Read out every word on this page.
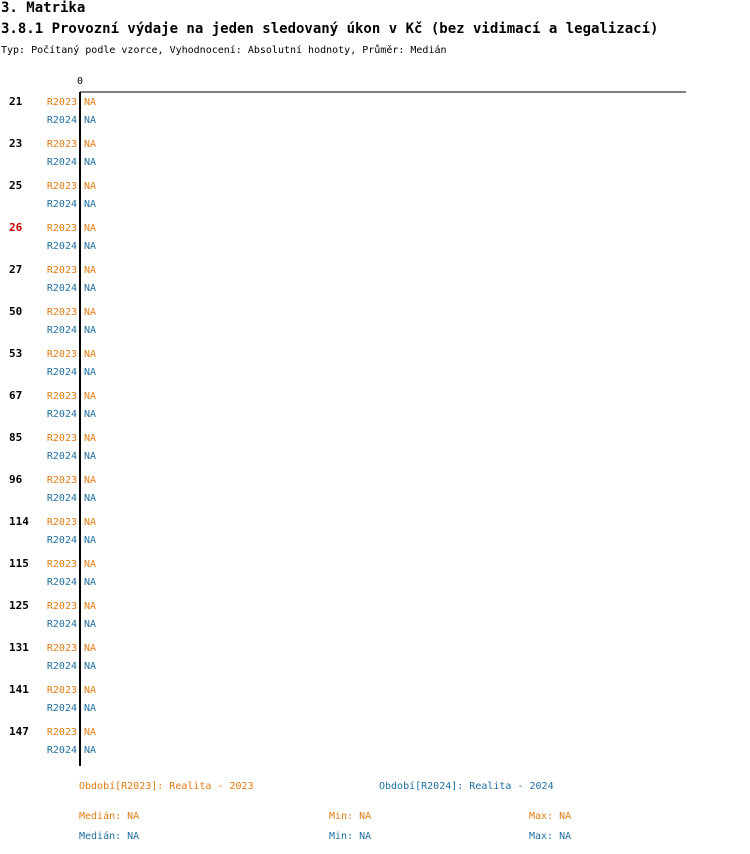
3. Matrika
3.8.1 Provozní výdaje na jeden sledovaný úkon v Kč (bez vidimací a legalizací)
Typ: Počítaný podle vzorce, Vyhodnocení: Absolutní hodnoty, Průměr: Medián
0
21 R2023 NA
R2024 NA
23 R2023 NA
R2024 NA
25 R2023 NA
R2024 NA
26 R2023 NA
R2024 NA
27 R2023 NA
R2024 NA
50 R2023 NA
R2024 NA
53 R2023 NA
R2024 NA
67 R2023 NA
R2024 NA
85 R2023 NA
R2024 NA
96 R2023 NA
R2024 NA
114 R2023 NA
R2024 NA
115 R2023 NA
R2024 NA
125 R2023 NA
R2024 NA
131 R2023 NA
R2024 NA
141 R2023 NA
R2024 NA
147 R2023 NA
R2024 NA
Období[R2023]: Realita - 2023	Období[R2024]: Realita - 2024
Medián: NA	Min: NA	Max: NA
Medián: NA	Min: NA	Max: NA
